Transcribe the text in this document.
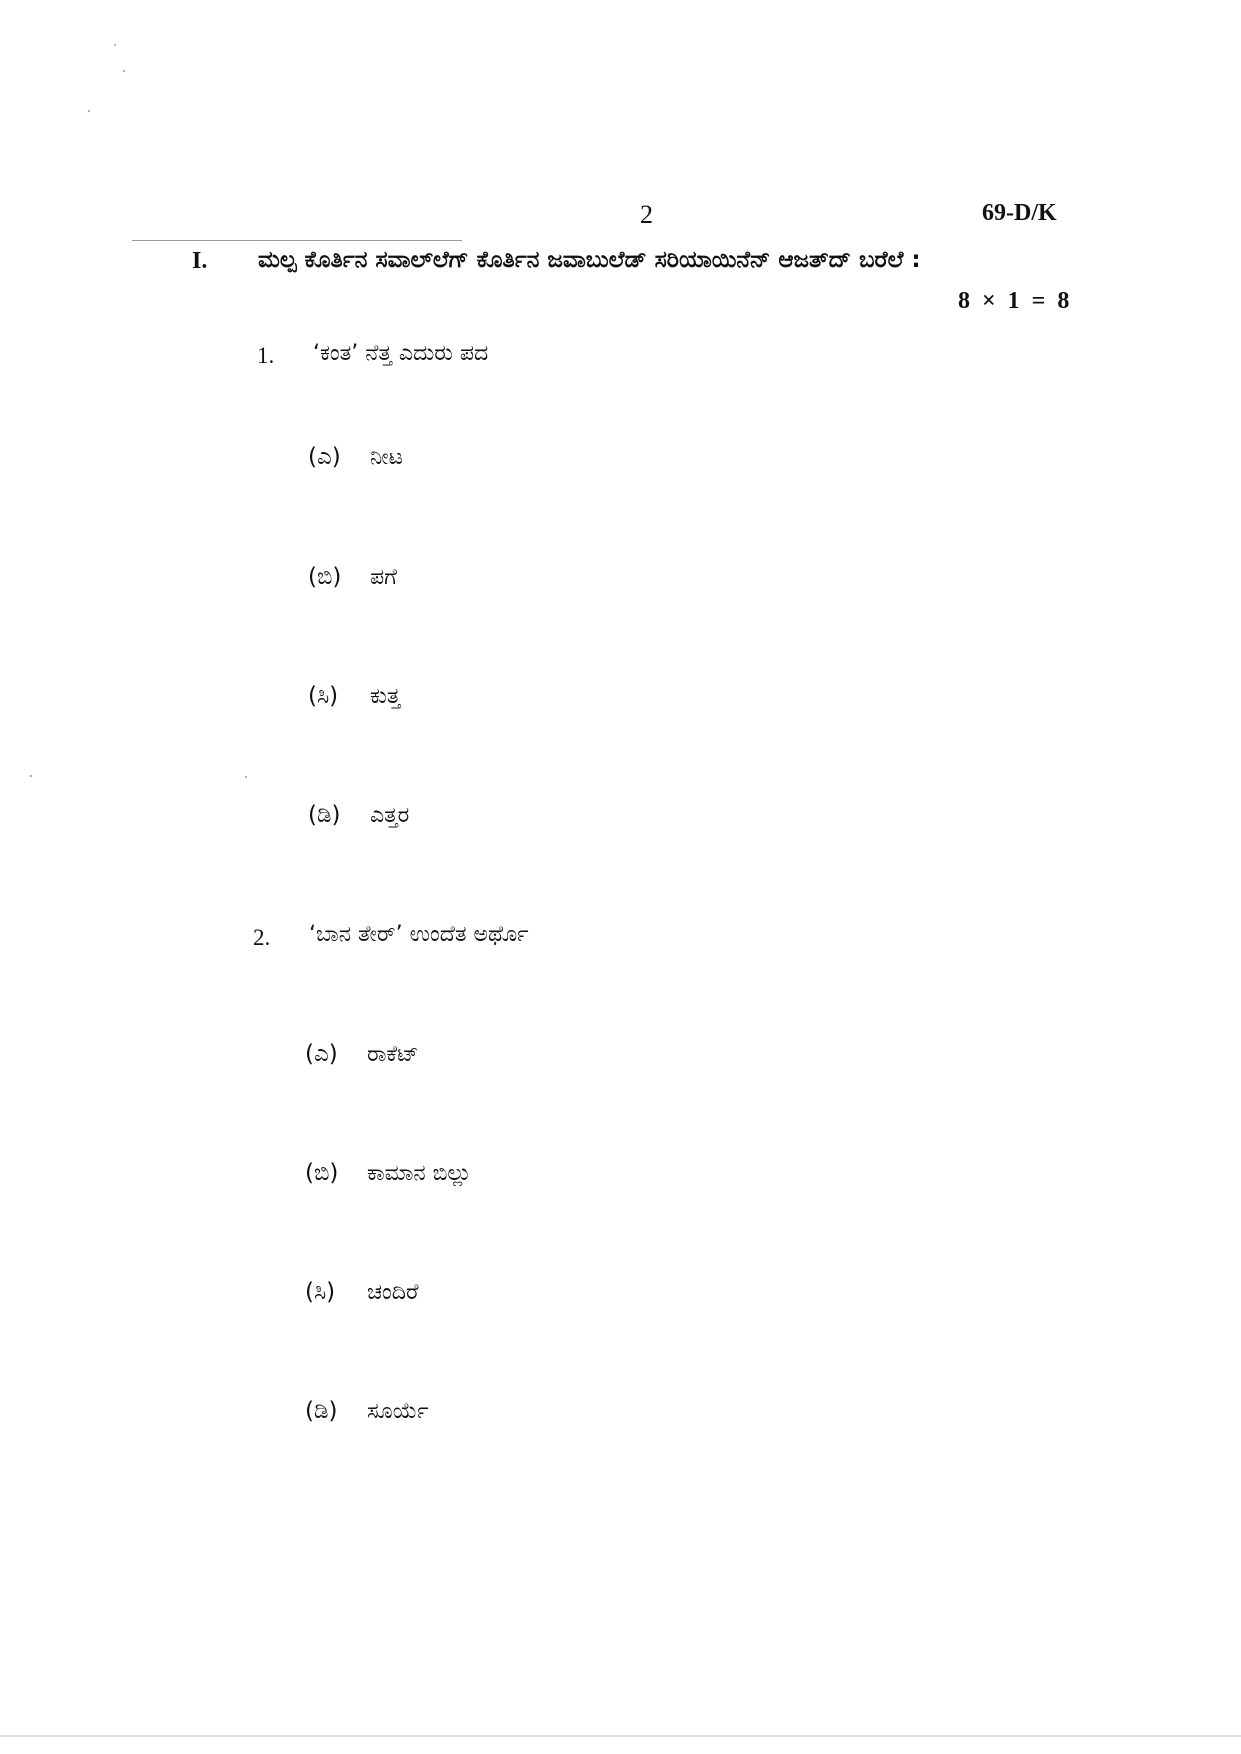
2	69-D/K
I. ಮಲ್ಪ ಕೊರ್ತಿನ ಸವಾಲ್‌ಲೆಗ್ ಕೊರ್ತಿನ ಜವಾಬುಲೆಡ್ ಸರಿಯಾಯಿನೆನ್ ಆಜತ್‌ದ್ ಬರೆಲೆ :
8 × 1 = 8
1. ‘ಕಂತ’ ನೆತ್ತ ಎದುರು ಪದ
(ಎ)	ನೀಟ
(ಬಿ)	ಪಗೆ
(ಸಿ)	ಕುತ್ತ
(ಡಿ)	ಎತ್ತರ
2. ‘ಬಾನ ತೇರ್’ ಉಂದೆತ ಅರ್ಥೊ
(ಎ)	ರಾಕೆಟ್
(ಬಿ)	ಕಾಮಾನ ಬಿಲ್ಲು
(ಸಿ)	ಚಂದಿರೆ
(ಡಿ)	ಸೂರ್ಯೆ
